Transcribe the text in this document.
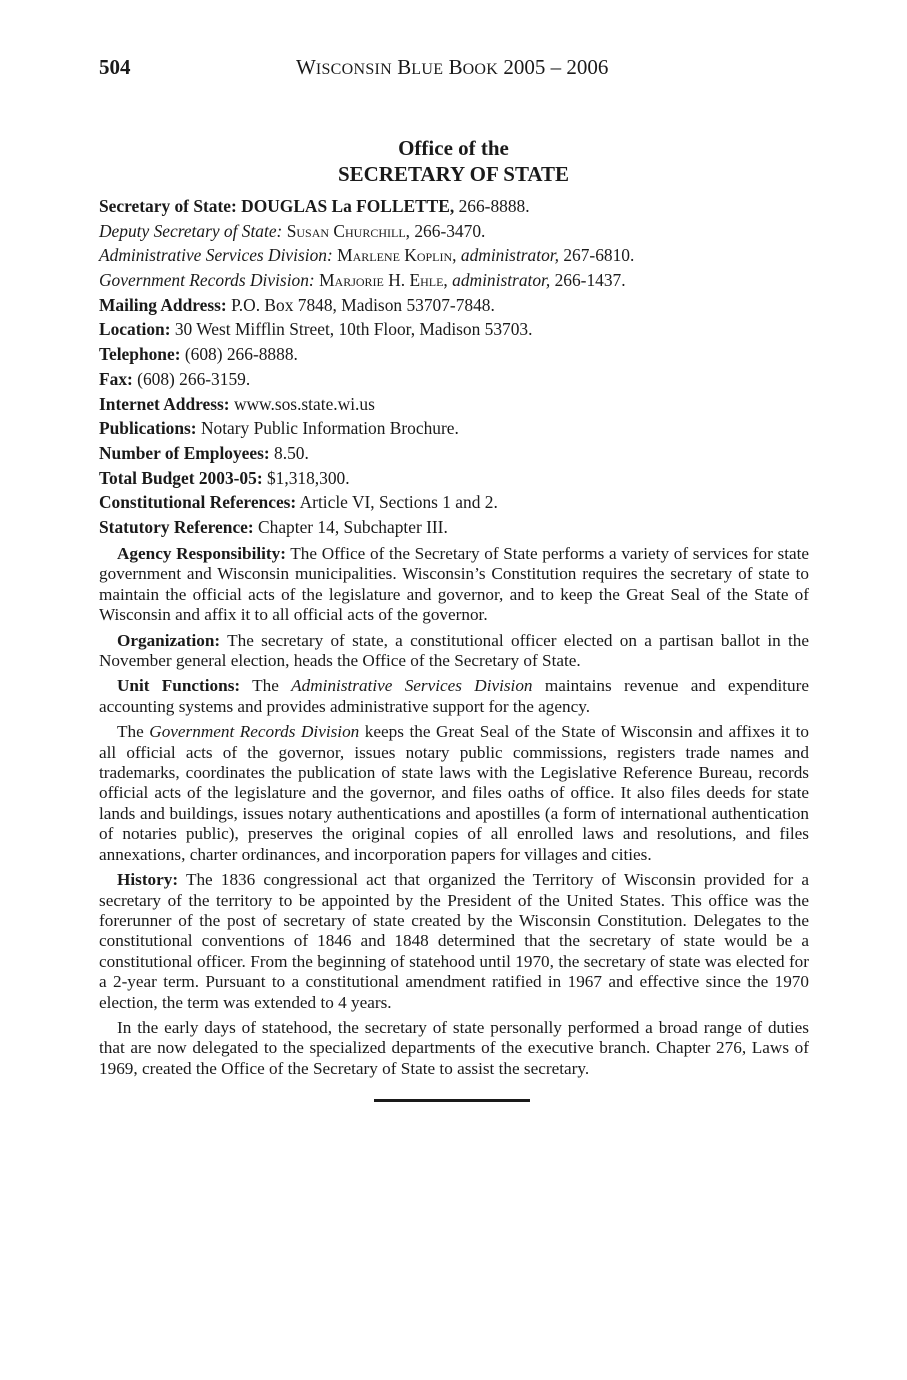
504	WISCONSIN BLUE BOOK 2005 – 2006
Office of the
SECRETARY OF STATE
Secretary of State: DOUGLAS La FOLLETTE, 266-8888.
Deputy Secretary of State: Susan Churchill, 266-3470.
Administrative Services Division: Marlene Koplin, administrator, 267-6810.
Government Records Division: Marjorie H. Ehle, administrator, 266-1437.
Mailing Address: P.O. Box 7848, Madison 53707-7848.
Location: 30 West Mifflin Street, 10th Floor, Madison 53703.
Telephone: (608) 266-8888.
Fax: (608) 266-3159.
Internet Address: www.sos.state.wi.us
Publications: Notary Public Information Brochure.
Number of Employees: 8.50.
Total Budget 2003-05: $1,318,300.
Constitutional References: Article VI, Sections 1 and 2.
Statutory Reference: Chapter 14, Subchapter III.

Agency Responsibility: The Office of the Secretary of State performs a variety of services for state government and Wisconsin municipalities. Wisconsin’s Constitution requires the secretary of state to maintain the official acts of the legislature and governor, and to keep the Great Seal of the State of Wisconsin and affix it to all official acts of the governor.

Organization: The secretary of state, a constitutional officer elected on a partisan ballot in the November general election, heads the Office of the Secretary of State.

Unit Functions: The Administrative Services Division maintains revenue and expenditure accounting systems and provides administrative support for the agency.

The Government Records Division keeps the Great Seal of the State of Wisconsin and affixes it to all official acts of the governor, issues notary public commissions, registers trade names and trademarks, coordinates the publication of state laws with the Legislative Reference Bureau, records official acts of the legislature and the governor, and files oaths of office. It also files deeds for state lands and buildings, issues notary authentications and apostilles (a form of international authentication of notaries public), preserves the original copies of all enrolled laws and resolutions, and files annexations, charter ordinances, and incorporation papers for villages and cities.

History: The 1836 congressional act that organized the Territory of Wisconsin provided for a secretary of the territory to be appointed by the President of the United States. This office was the forerunner of the post of secretary of state created by the Wisconsin Constitution. Delegates to the constitutional conventions of 1846 and 1848 determined that the secretary of state would be a constitutional officer. From the beginning of statehood until 1970, the secretary of state was elected for a 2-year term. Pursuant to a constitutional amendment ratified in 1967 and effective since the 1970 election, the term was extended to 4 years.

In the early days of statehood, the secretary of state personally performed a broad range of duties that are now delegated to the specialized departments of the executive branch. Chapter 276, Laws of 1969, created the Office of the Secretary of State to assist the secretary.
